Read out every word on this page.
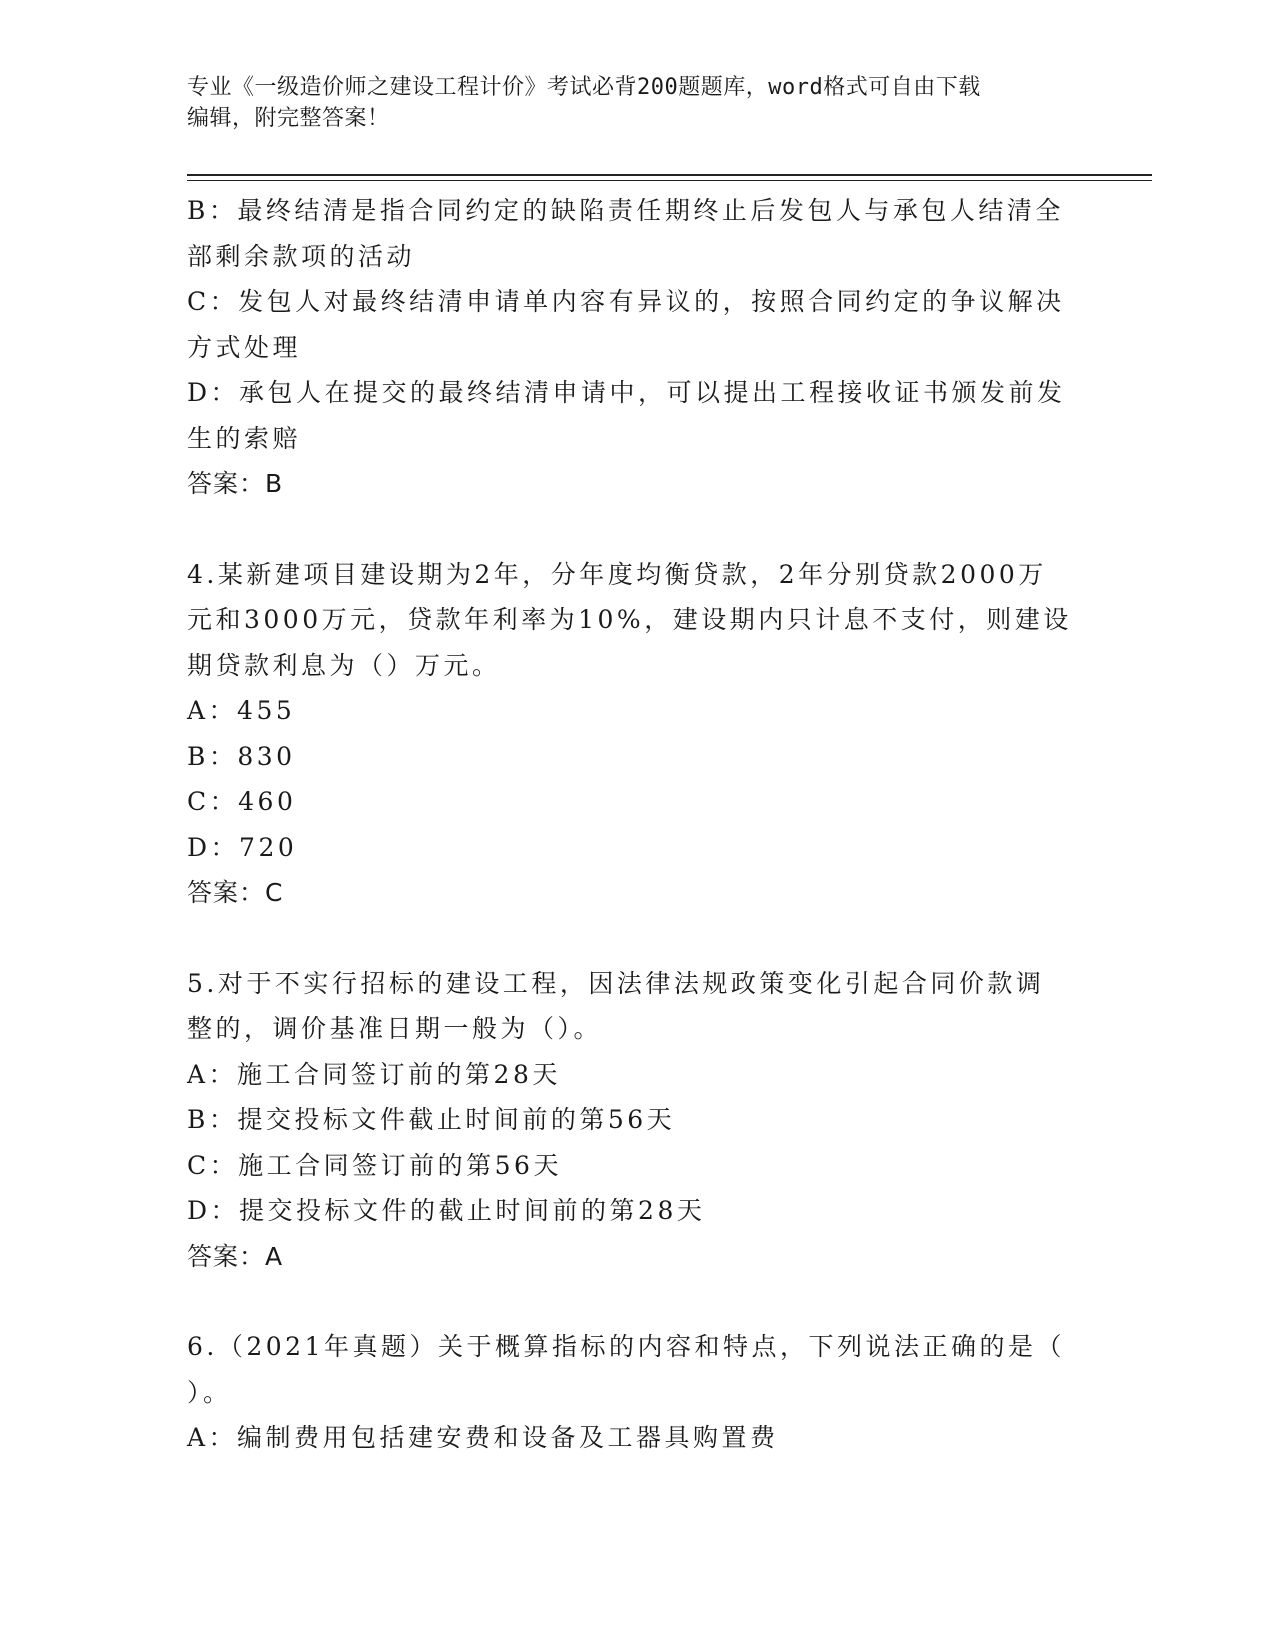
专业《一级造价师之建设工程计价》考试必背200题题库，word格式可自由下载
编辑，附完整答案！
B：最终结清是指合同约定的缺陷责任期终止后发包人与承包人结清全
部剩余款项的活动
C：发包人对最终结清申请单内容有异议的，按照合同约定的争议解决
方式处理
D：承包人在提交的最终结清申请中，可以提出工程接收证书颁发前发
生的索赔
答案：B
4.某新建项目建设期为2年，分年度均衡贷款，2年分别贷款2000万
元和3000万元，贷款年利率为10%，建设期内只计息不支付，则建设
期贷款利息为（）万元。
A：455
B：830
C：460
D：720
答案：C
5.对于不实行招标的建设工程，因法律法规政策变化引起合同价款调
整的，调价基准日期一般为（）。
A：施工合同签订前的第28天
B：提交投标文件截止时间前的第56天
C：施工合同签订前的第56天
D：提交投标文件的截止时间前的第28天
答案：A
6.（2021年真题）关于概算指标的内容和特点，下列说法正确的是（
）。
A：编制费用包括建安费和设备及工器具购置费
